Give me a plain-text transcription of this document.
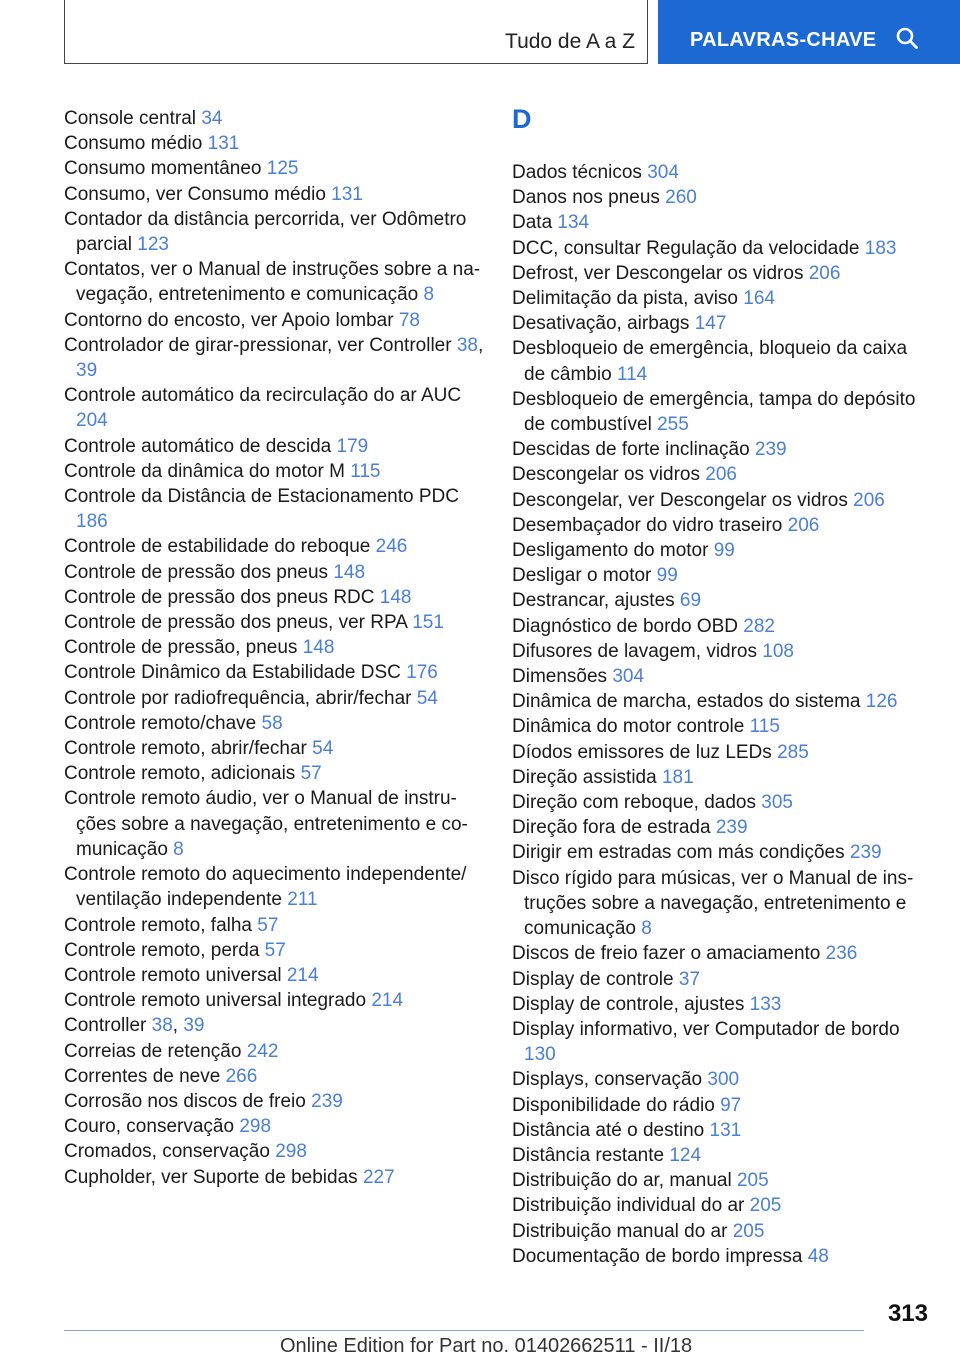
Tudo de A a Z	PALAVRAS-CHAVE

Console central 34

Consumo médio 131

Consumo momentâneo 125

Consumo, ver Consumo médio 131

Contador da distância percorrida, ver Odômetro parcial 123

Contatos, ver o Manual de instruções sobre a navegação, entretenimento e comunicação 8

Contorno do encosto, ver Apoio lombar 78

Controlador de girar-pressionar, ver Controller 38, 39

Controle automático da recirculação do ar AUC 204

Controle automático de descida 179

Controle da dinâmica do motor M 115

Controle da Distância de Estacionamento PDC 186

Controle de estabilidade do reboque 246

Controle de pressão dos pneus 148

Controle de pressão dos pneus RDC 148

Controle de pressão dos pneus, ver RPA 151

Controle de pressão, pneus 148

Controle Dinâmico da Estabilidade DSC 176

Controle por radiofrequência, abrir/fechar 54

Controle remoto/chave 58

Controle remoto, abrir/fechar 54

Controle remoto, adicionais 57

Controle remoto áudio, ver o Manual de instruções sobre a navegação, entretenimento e comunicação 8

Controle remoto do aquecimento independente/ ventilação independente 211

Controle remoto, falha 57

Controle remoto, perda 57

Controle remoto universal 214

Controle remoto universal integrado 214

Controller 38, 39

Correias de retenção 242

Correntes de neve 266

Corrosão nos discos de freio 239

Couro, conservação 298

Cromados, conservação 298

Cupholder, ver Suporte de bebidas 227

D

Dados técnicos 304

Danos nos pneus 260

Data 134

DCC, consultar Regulação da velocidade 183

Defrost, ver Descongelar os vidros 206

Delimitação da pista, aviso 164

Desativação, airbags 147

Desbloqueio de emergência, bloqueio da caixa de câmbio 114

Desbloqueio de emergência, tampa do depósito de combustível 255

Descidas de forte inclinação 239

Descongelar os vidros 206

Descongelar, ver Descongelar os vidros 206

Desembaçador do vidro traseiro 206

Desligamento do motor 99

Desligar o motor 99

Destrancar, ajustes 69

Diagnóstico de bordo OBD 282

Difusores de lavagem, vidros 108

Dimensões 304

Dinâmica de marcha, estados do sistema 126

Dinâmica do motor controle 115

Díodos emissores de luz LEDs 285

Direção assistida 181

Direção com reboque, dados 305

Direção fora de estrada 239

Dirigir em estradas com más condições 239

Disco rígido para músicas, ver o Manual de instruções sobre a navegação, entretenimento e comunicação 8

Discos de freio fazer o amaciamento 236

Display de controle 37

Display de controle, ajustes 133

Display informativo, ver Computador de bordo 130

Displays, conservação 300

Disponibilidade do rádio 97

Distância até o destino 131

Distância restante 124

Distribuição do ar, manual 205

Distribuição individual do ar 205

Distribuição manual do ar 205

Documentação de bordo impressa 48

313
Online Edition for Part no. 01402662511 - II/18
